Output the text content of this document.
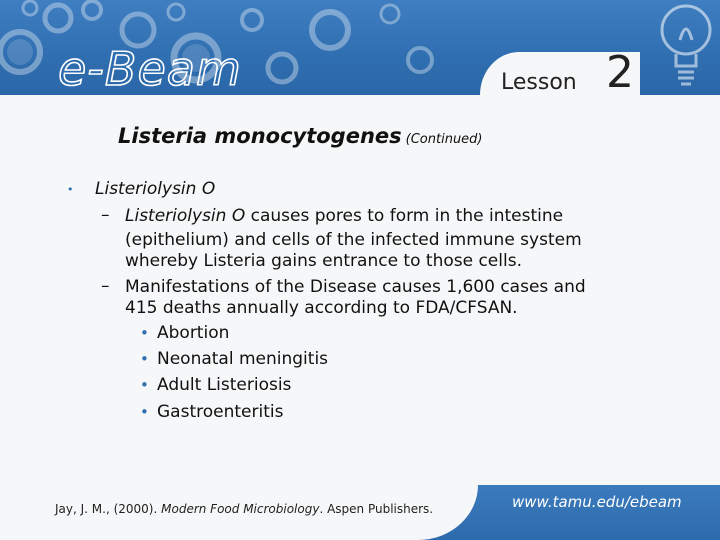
e-Beam	Lesson 2
Listeria monocytogenes (Continued)
• Listeriolysin O
– Listeriolysin O causes pores to form in the intestine
(epithelium) and cells of the infected immune system
whereby Listeria gains entrance to those cells.
– Manifestations of the Disease causes 1,600 cases and
415 deaths annually according to FDA/CFSAN.
• Abortion
• Neonatal meningitis
• Adult Listeriosis
• Gastroenteritis
Jay, J. M., (2000). Modern Food Microbiology. Aspen Publishers.	www.tamu.edu/ebeam
